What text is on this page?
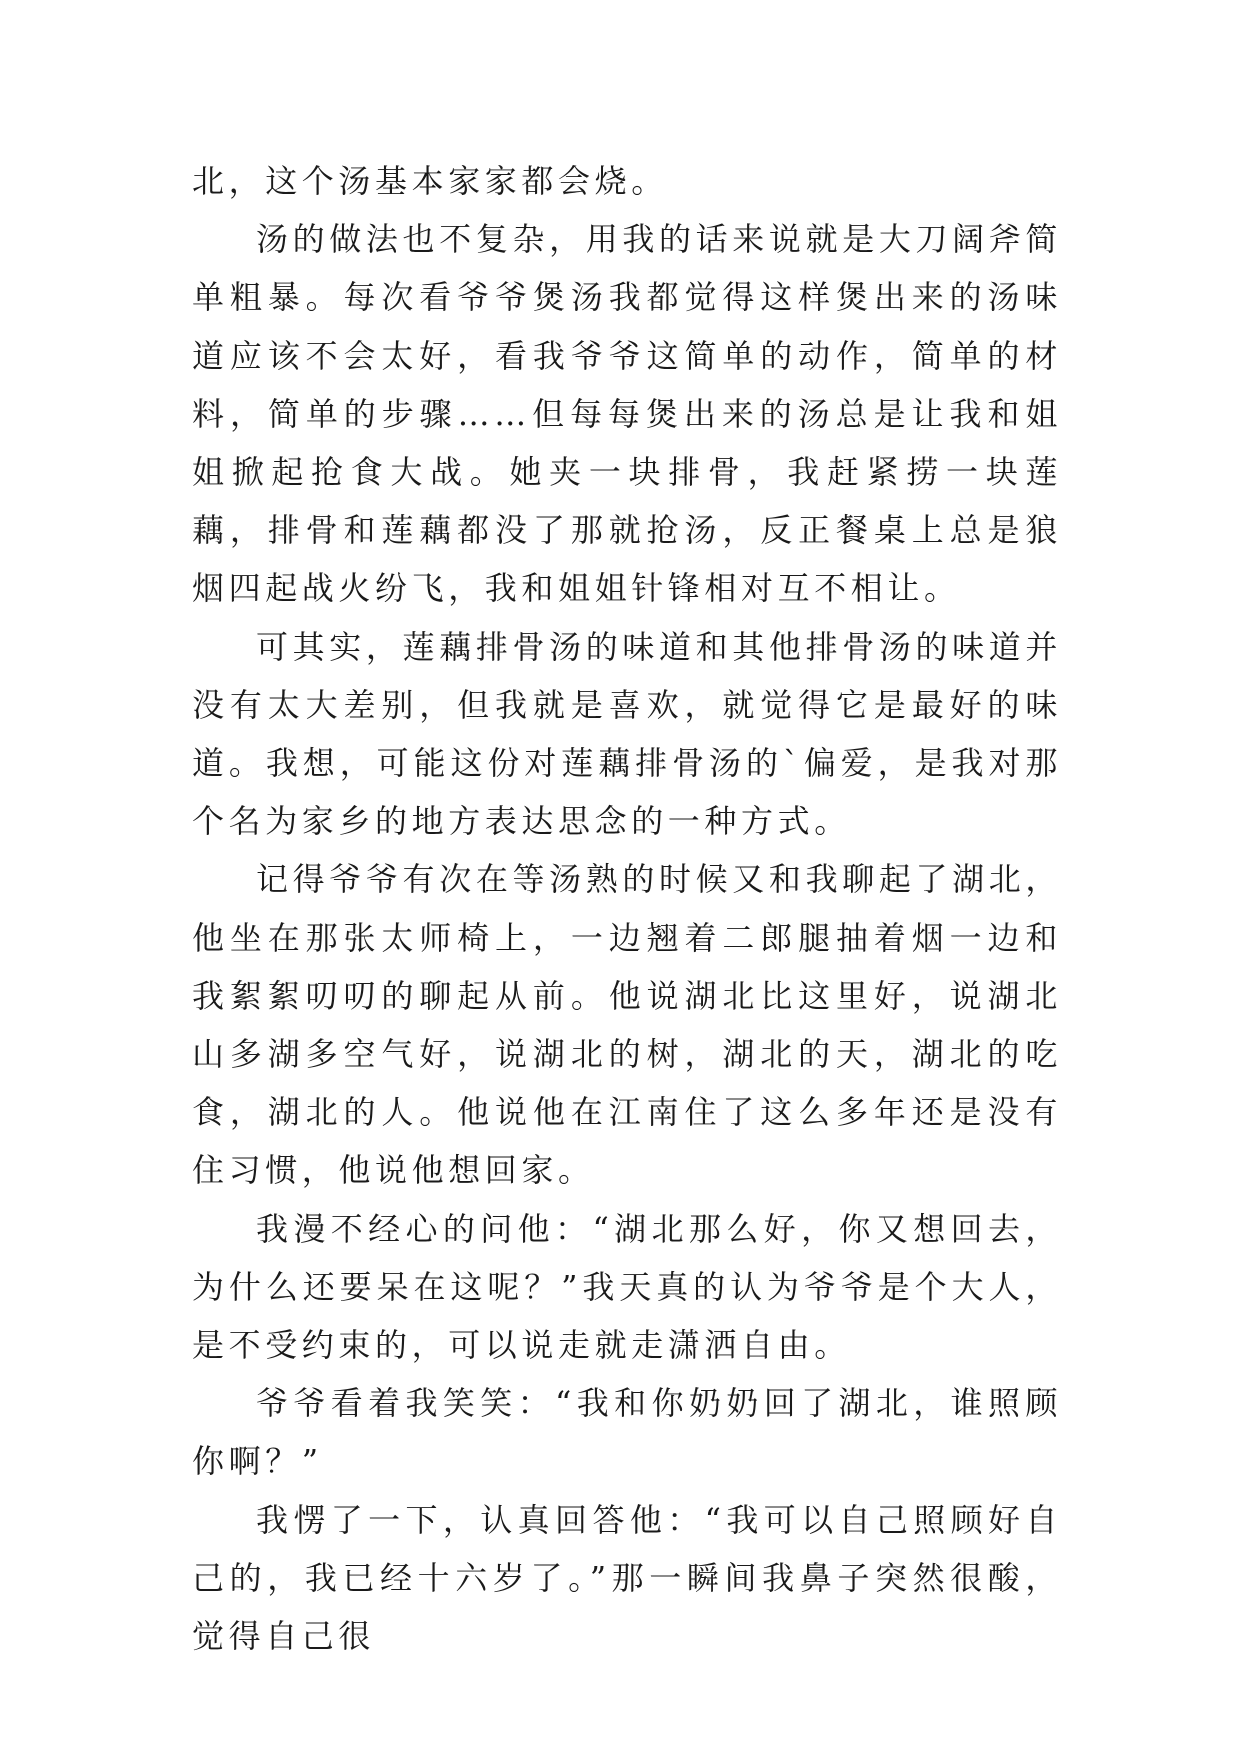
北，这个汤基本家家都会烧。

汤的做法也不复杂，用我的话来说就是大刀阔斧简单粗暴。每次看爷爷煲汤我都觉得这样煲出来的汤味道应该不会太好，看我爷爷这简单的动作，简单的材料，简单的步骤……但每每煲出来的汤总是让我和姐姐掀起抢食大战。她夹一块排骨，我赶紧捞一块莲藕，排骨和莲藕都没了那就抢汤，反正餐桌上总是狼烟四起战火纷飞，我和姐姐针锋相对互不相让。

可其实，莲藕排骨汤的味道和其他排骨汤的味道并没有太大差别，但我就是喜欢，就觉得它是最好的味道。我想，可能这份对莲藕排骨汤的`偏爱，是我对那个名为家乡的地方表达思念的一种方式。

记得爷爷有次在等汤熟的时候又和我聊起了湖北，他坐在那张太师椅上，一边翘着二郎腿抽着烟一边和我絮絮叨叨的聊起从前。他说湖北比这里好，说湖北山多湖多空气好，说湖北的树，湖北的天，湖北的吃食，湖北的人。他说他在江南住了这么多年还是没有住习惯，他说他想回家。

我漫不经心的问他：“湖北那么好，你又想回去，为什么还要呆在这呢？”我天真的认为爷爷是个大人，是不受约束的，可以说走就走潇洒自由。

爷爷看着我笑笑：“我和你奶奶回了湖北，谁照顾你啊？”

我愣了一下，认真回答他：“我可以自己照顾好自己的，我已经十六岁了。”那一瞬间我鼻子突然很酸，觉得自己很
